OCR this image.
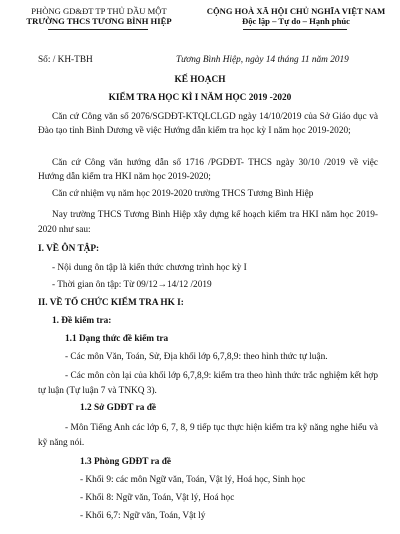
PHÒNG GD&ĐT TP THỦ DẦU MỘT
TRƯỜNG THCS TƯƠNG BÌNH HIỆP
CỘNG HOÀ XÃ HỘI CHỦ NGHĨA VIỆT NAM
Độc lập – Tự do – Hạnh phúc
Số: / KH-TBH	Tương Bình Hiệp, ngày 14 tháng 11 năm 2019
KẾ HOẠCH
KIỂM TRA HỌC KÌ I NĂM HỌC 2019 -2020
Căn cứ Công văn số 2076/SGDĐT-KTQLCLGD ngày 14/10/2019 của Sở Giáo dục và Đào tạo tỉnh Bình Dương về việc Hướng dẫn kiểm tra học kỳ I năm học 2019-2020;
Căn cứ Công văn hướng dẫn số 1716 /PGDĐT- THCS ngày 30/10 /2019 về việc Hướng dẫn kiểm tra HKI năm học 2019-2020;
Căn cứ nhiệm vụ năm học 2019-2020 trường THCS Tương Bình Hiệp
Nay trường THCS Tương Bình Hiệp xây dựng kế hoạch kiểm tra HKI năm học 2019-2020 như sau:
I. VỀ ÔN TẬP:
- Nội dung ôn tập là kiến thức chương trình học kỳ I
- Thời gian ôn tập: Từ 09/12→14/12 /2019
II. VỀ TỔ CHỨC KIỂM TRA HK I:
1. Đề kiểm tra:
1.1 Dạng thức đề kiểm tra
- Các môn Văn, Toán, Sử, Địa khối lớp 6,7,8,9: theo hình thức tự luận.
- Các môn còn lại của khối lớp 6,7,8,9: kiểm tra theo hình thức trắc nghiệm kết hợp tự luận (Tự luận 7 và TNKQ 3).
1.2 Sở GDĐT ra đề
- Môn Tiếng Anh các lớp 6, 7, 8, 9 tiếp tục thực hiện kiểm tra kỹ năng nghe hiểu và kỹ năng nói.
1.3 Phòng GDĐT ra đề
- Khối 9: các môn Ngữ văn, Toán, Vật lý, Hoá học, Sinh học
- Khối 8: Ngữ văn, Toán, Vật lý, Hoá học
- Khối 6,7: Ngữ văn, Toán, Vật lý
